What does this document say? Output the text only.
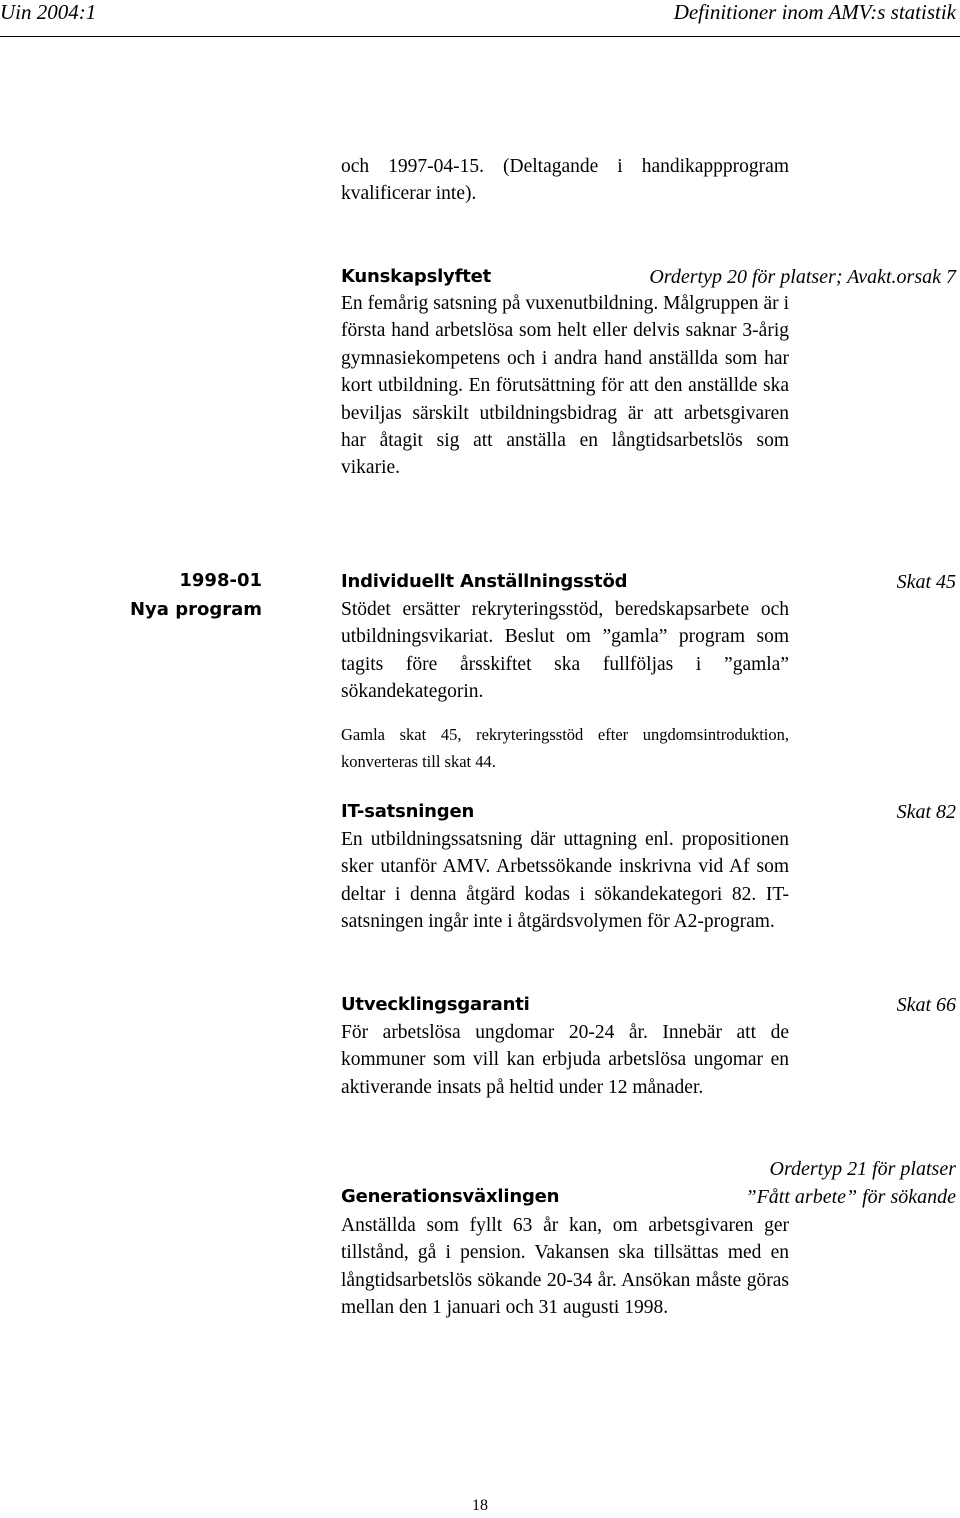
Uin 2004:1	Definitioner inom AMV:s statistik

och 1997-04-15. (Deltagande i handikappprogram kvalificerar inte).

Kunskapslyftet	Ordertyp 20 för platser; Avakt.orsak 7

En femårig satsning på vuxenutbildning. Målgruppen är i första hand arbetslösa som helt eller delvis saknar 3-årig gymnasiekompetens och i andra hand anställda som har kort utbildning. En förutsättning för att den anställde ska beviljas särskilt utbildningsbidrag är att arbetsgivaren har åtagit sig att anställa en långtidsarbetslös som vikarie.

1998-01
Nya program
Individuellt Anställningsstöd	Skat 45

Stödet ersätter rekryteringsstöd, beredskapsarbete och utbildningsvikariat. Beslut om ”gamla” program som tagits före årsskiftet ska fullföljas i ”gamla” sökandekategorin.

Gamla skat 45, rekryteringsstöd efter ungdomsintroduktion, konverteras till skat 44.

IT-satsningen	Skat 82

En utbildningssatsning där uttagning enl. propositionen sker utanför AMV. Arbetssökande inskrivna vid Af som deltar i denna åtgärd kodas i sökandekategori 82. IT-satsningen ingår inte i åtgärdsvolymen för A2-program.

Utvecklingsgaranti	Skat 66

För arbetslösa ungdomar 20-24 år. Innebär att de kommuner som vill kan erbjuda arbetslösa ungomar en aktiverande insats på heltid under 12 månader.

Ordertyp 21 för platser
Generationsväxlingen	”Fått arbete” för sökande

Anställda som fyllt 63 år kan, om arbetsgivaren ger tillstånd, gå i pension. Vakansen ska tillsättas med en långtidsarbetslös sökande 20-34 år. Ansökan måste göras mellan den 1 januari och 31 augusti 1998.

18
